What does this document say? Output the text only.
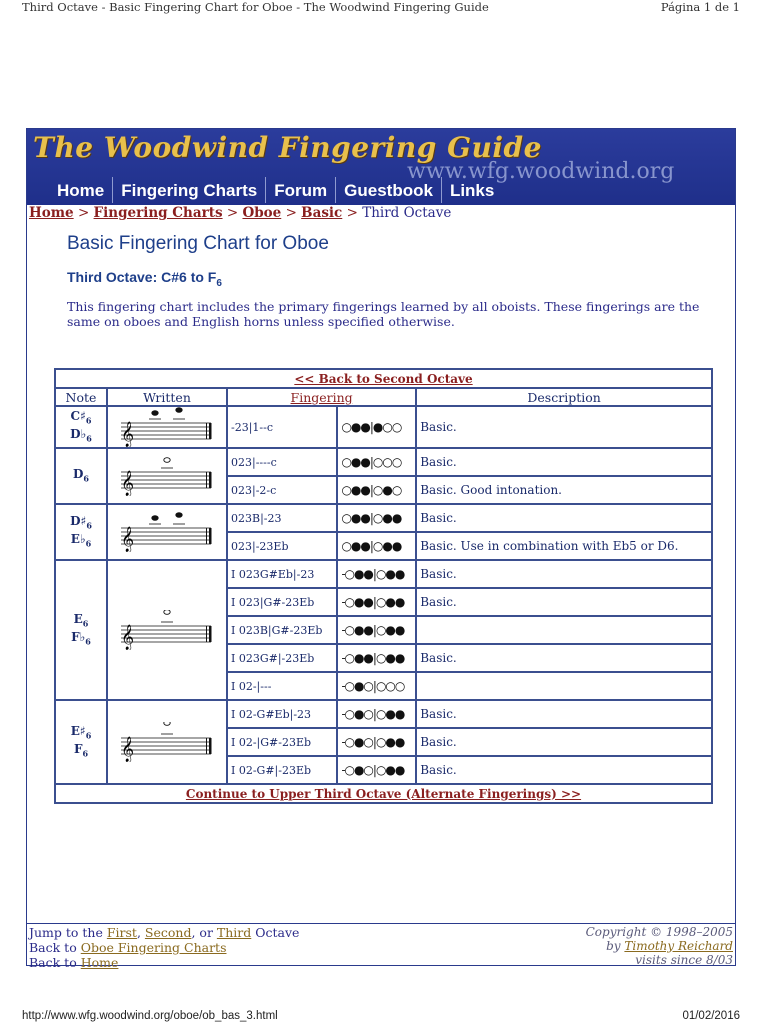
Third Octave - Basic Fingering Chart for Oboe - The Woodwind Fingering Guide	Página 1 de 1
The Woodwind Fingering Guide
www.wfg.woodwind.org
Home	Fingering Charts	Forum	Guestbook	Links
Home > Fingering Charts > Oboe > Basic > Third Octave
Basic Fingering Chart for Oboe
Third Octave: C#6 to $F_6$
This fingering chart includes the primary fingerings learned by all oboists. These fingerings are the same on oboes and English horns unless specified otherwise.
<< Back to Second Octave				
Note	Written	Fingering		Description

$C♯_6$
$D♭_6$	𝄞	-23|1--c	○●●|●○○	Basic.

$D_6$	𝄞	023|----c	○●●|○○○	Basic.
		023|-2-c	○●●|○●○	Basic. Good intonation.

$D♯_6$
$E♭_6$	𝄞	023B|-23	○●●|○●●	Basic.
		023|-23Eb	○●●|○●●	Basic. Use in combination with Eb5 or D6.

$E_6$
$F♭_6$	𝄞	I 023G#Eb|-23	-○●●|○●●	Basic.
		I 023|G#-23Eb	-○●●|○●●	Basic.
		I 023B|G#-23Eb	-○●●|○●●	
		I 023G#|-23Eb	-○●●|○●●	Basic.
		I 02-|---	-○●○|○○○	

$E♯_6$
$F_6$	𝄞	I 02-G#Eb|-23	-○●○|○●●	Basic.
		I 02-|G#-23Eb	-○●○|○●●	Basic.
		I 02-G#|-23Eb	-○●○|○●●	Basic.
Continue to Upper Third Octave (Alternate Fingerings) >>				
Jump to the First, Second, or Third Octave
Back to Oboe Fingering Charts
Back to Home
Copyright © 1998–2005
by Timothy Reichard
visits since 8/03
http://www.wfg.woodwind.org/oboe/ob_bas_3.html	01/02/2016
